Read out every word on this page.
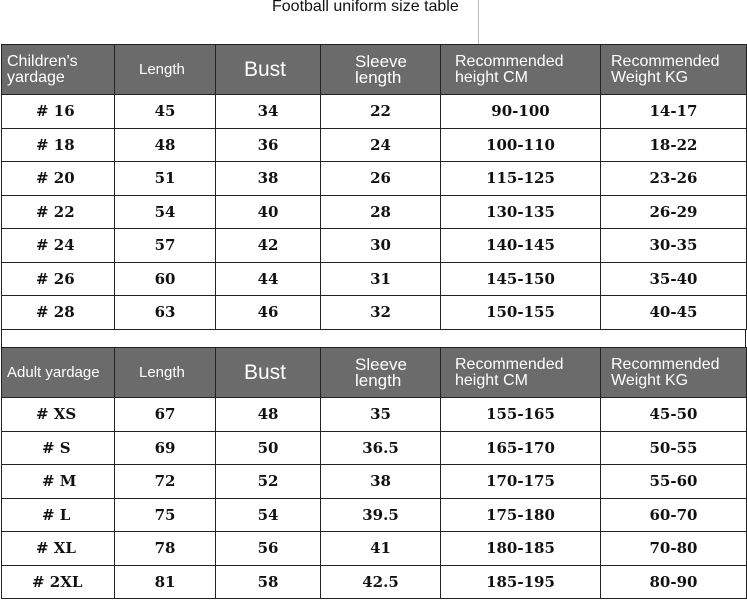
Football uniform size table
Children's yardage	Length	Bust	Sleeve length	Recommended height CM	Recommended Weight KG
# 16	45	34	22	90-100	14-17
# 18	48	36	24	100-110	18-22
# 20	51	38	26	115-125	23-26
# 22	54	40	28	130-135	26-29
# 24	57	42	30	140-145	30-35
# 26	60	44	31	145-150	35-40
# 28	63	46	32	150-155	40-45
Adult yardage	Length	Bust	Sleeve length	Recommended height CM	Recommended Weight KG
# XS	67	48	35	155-165	45-50
# S	69	50	36.5	165-170	50-55
# M	72	52	38	170-175	55-60
# L	75	54	39.5	175-180	60-70
# XL	78	56	41	180-185	70-80
# 2XL	81	58	42.5	185-195	80-90
